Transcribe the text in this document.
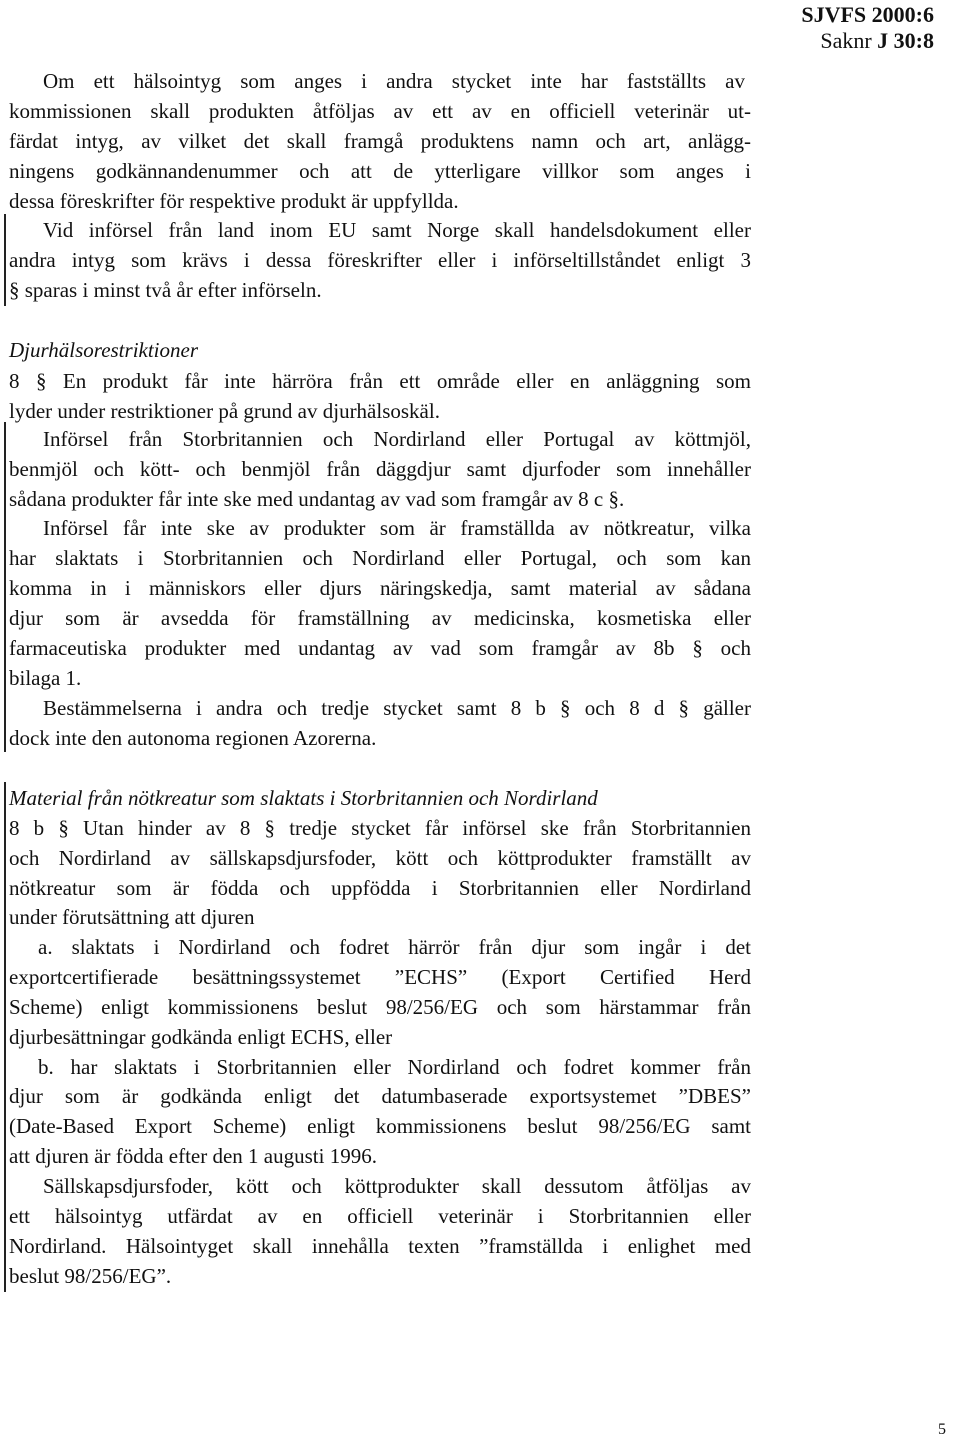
SJVFS 2000:6
Saknr J 30:8
Om ett hälsointyg som anges i andra stycket inte har fastställts av
kommissionen skall produkten åtföljas av ett av en officiell veterinär ut-
färdat intyg, av vilket det skall framgå produktens namn och art, anlägg-
ningens godkännandenummer och att de ytterligare villkor som anges i
dessa föreskrifter för respektive produkt är uppfyllda.
Vid införsel från land inom EU samt Norge skall handelsdokument eller
andra intyg som krävs i dessa föreskrifter eller i införseltillståndet enligt 3
§ sparas i minst två år efter införseln.
Djurhälsorestriktioner
8 § En produkt får inte härröra från ett område eller en anläggning som
lyder under restriktioner på grund av djurhälsoskäl.
Införsel från Storbritannien och Nordirland eller Portugal av köttmjöl,
benmjöl och kött- och benmjöl från däggdjur samt djurfoder som innehåller
sådana produkter får inte ske med undantag av vad som framgår av 8 c §.
Införsel får inte ske av produkter som är framställda av nötkreatur, vilka
har slaktats i Storbritannien och Nordirland eller Portugal, och som kan
komma in i människors eller djurs näringskedja, samt material av sådana
djur som är avsedda för framställning av medicinska, kosmetiska eller
farmaceutiska produkter med undantag av vad som framgår av 8b § och
bilaga 1.
Bestämmelserna i andra och tredje stycket samt 8 b § och 8 d § gäller
dock inte den autonoma regionen Azorerna.
Material från nötkreatur som slaktats i Storbritannien och Nordirland
8 b § Utan hinder av 8 § tredje stycket får införsel ske från Storbritannien
och Nordirland av sällskapsdjursfoder, kött och köttprodukter framställt av
nötkreatur som är födda och uppfödda i Storbritannien eller Nordirland
under förutsättning att djuren
a. slaktats i Nordirland och fodret härrör från djur som ingår i det
exportcertifierade besättningssystemet ”ECHS” (Export Certified Herd
Scheme) enligt kommissionens beslut 98/256/EG och som härstammar från
djurbesättningar godkända enligt ECHS, eller
b. har slaktats i Storbritannien eller Nordirland och fodret kommer från
djur som är godkända enligt det datumbaserade exportsystemet ”DBES”
(Date-Based Export Scheme) enligt kommissionens beslut 98/256/EG samt
att djuren är födda efter den 1 augusti 1996.
Sällskapsdjursfoder, kött och köttprodukter skall dessutom åtföljas av
ett hälsointyg utfärdat av en officiell veterinär i Storbritannien eller
Nordirland. Hälsointyget skall innehålla texten ”framställda i enlighet med
beslut 98/256/EG”.
5
